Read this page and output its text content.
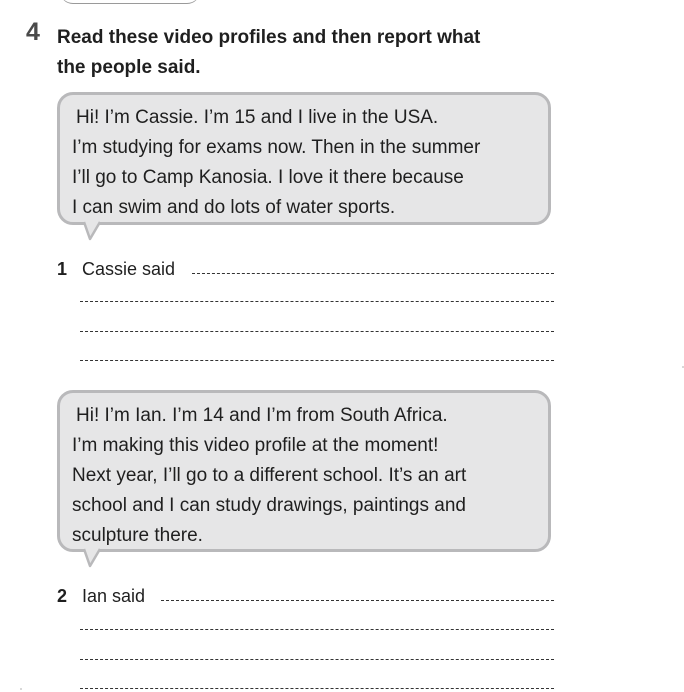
4 Read these video profiles and then report what
the people said.

Hi! I’m Cassie. I’m 15 and I live in the USA.

I’m studying for exams now. Then in the summer

I’ll go to Camp Kanosia. I love it there because

I can swim and do lots of water sports.

1 Cassie said

Hi! I’m Ian. I’m 14 and I’m from South Africa.

I’m making this video profile at the moment!

Next year, I’ll go to a different school. It’s an art

school and I can study drawings, paintings and

sculpture there.

2 Ian said
